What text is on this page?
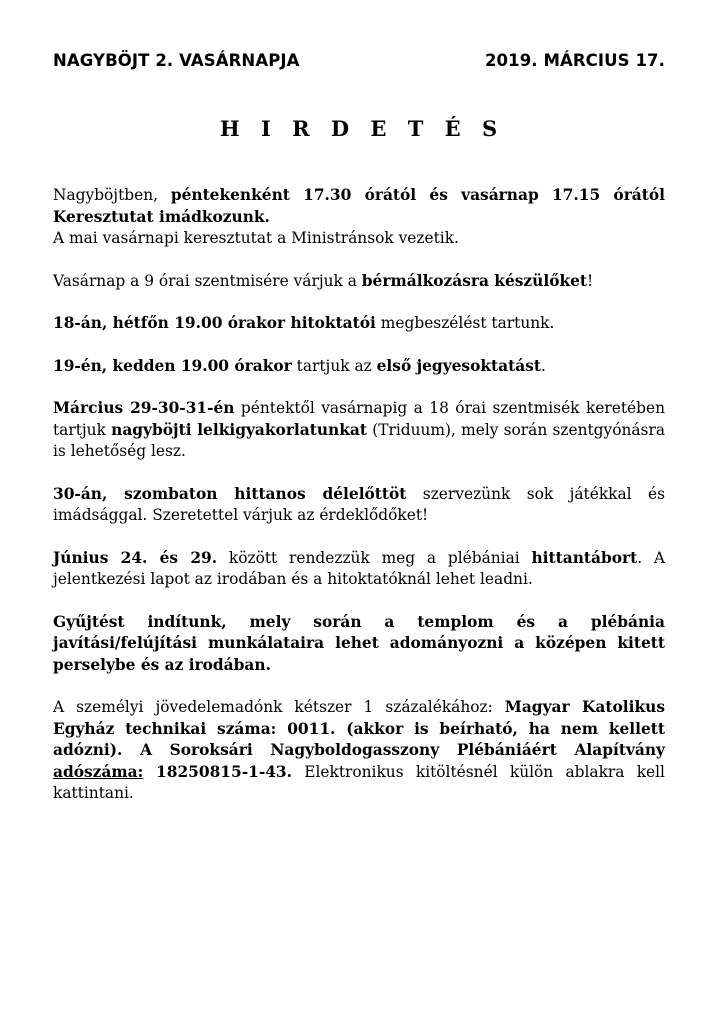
NAGYBÖJT 2. VASÁRNAPJA	2019. MÁRCIUS 17.
H I R D E T É S

Nagyböjtben, péntekenként 17.30 órától és vasárnap 17.15 órától Keresztutat imádkozunk.

A mai vasárnapi keresztutat a Ministránsok vezetik.

Vasárnap a 9 órai szentmisére várjuk a bérmálkozásra készülőket!

18-án, hétfőn 19.00 órakor hitoktatói megbeszélést tartunk.

19-én, kedden 19.00 órakor tartjuk az első jegyesoktatást.

Március 29-30-31-én péntektől vasárnapig a 18 órai szentmisék keretében tartjuk nagyböjti lelkigyakorlatunkat (Triduum), mely során szentgyónásra is lehetőség lesz.

30-án, szombaton hittanos délelőttöt szervezünk sok játékkal és imádsággal. Szeretettel várjuk az érdeklődőket!

Június 24. és 29. között rendezzük meg a plébániai hittantábort. A jelentkezési lapot az irodában és a hitoktatóknál lehet leadni.

Gyűjtést indítunk, mely során a templom és a plébánia javítási/felújítási munkálataira lehet adományozni a középen kitett perselybe és az irodában.

A személyi jövedelemadónk kétszer 1 százalékához: Magyar Katolikus Egyház technikai száma: 0011. (akkor is beírható, ha nem kellett adózni). A Soroksári Nagyboldogasszony Plébániáért Alapítvány adószáma: 18250815-1-43. Elektronikus kitöltésnél külön ablakra kell kattintani.
